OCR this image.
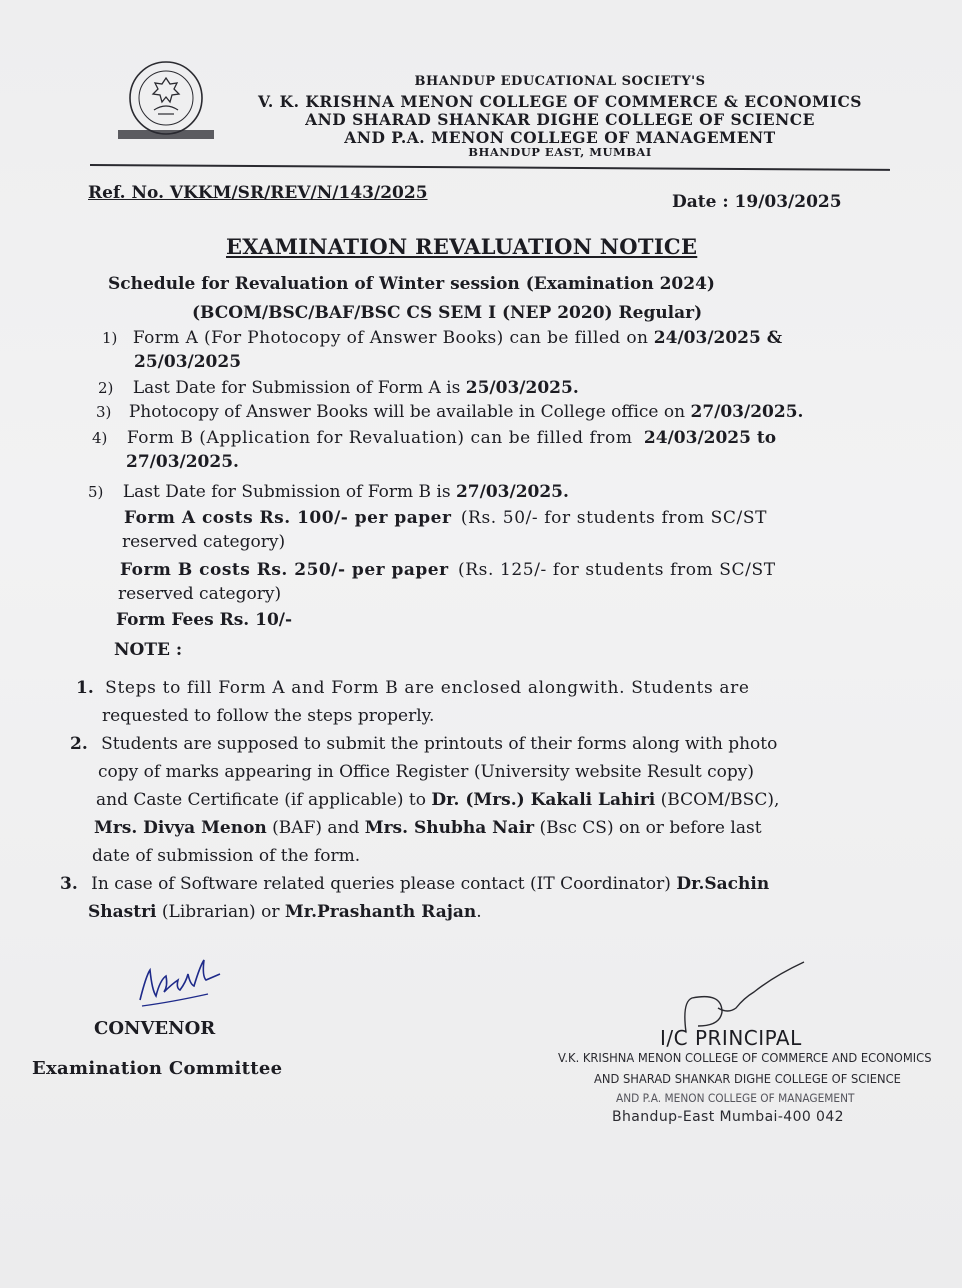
BHANDUP EDUCATIONAL SOCIETY'S
V. K. KRISHNA MENON COLLEGE OF COMMERCE & ECONOMICS
AND SHARAD SHANKAR DIGHE COLLEGE OF SCIENCE
AND P.A. MENON COLLEGE OF MANAGEMENT
BHANDUP EAST, MUMBAI
Ref. No. VKKM/SR/REV/N/143/2025	Date : 19/03/2025
EXAMINATION REVALUATION NOTICE
Schedule for Revaluation of Winter session (Examination 2024)
(BCOM/BSC/BAF/BSC CS SEM I (NEP 2020) Regular)
1) Form A (For Photocopy of Answer Books) can be filled on 24/03/2025 &
25/03/2025
2) Last Date for Submission of Form A is 25/03/2025.
3) Photocopy of Answer Books will be available in College office on 27/03/2025.
4) Form B (Application for Revaluation) can be filled from 24/03/2025 to
27/03/2025.
5) Last Date for Submission of Form B is 27/03/2025.
Form A costs Rs. 100/- per paper (Rs. 50/- for students from SC/ST
reserved category)
Form B costs Rs. 250/- per paper (Rs. 125/- for students from SC/ST
reserved category)
Form Fees Rs. 10/-
NOTE :
1. Steps to fill Form A and Form B are enclosed alongwith. Students are
requested to follow the steps properly.
2. Students are supposed to submit the printouts of their forms along with photo
copy of marks appearing in Office Register (University website Result copy)
and Caste Certificate (if applicable) to Dr. (Mrs.) Kakali Lahiri (BCOM/BSC),
Mrs. Divya Menon (BAF) and Mrs. Shubha Nair (Bsc CS) on or before last
date of submission of the form.
3. In case of Software related queries please contact (IT Coordinator) Dr.Sachin
Shastri (Librarian) or Mr.Prashanth Rajan.
CONVENOR
Examination Committee
I/C PRINCIPAL
V.K. KRISHNA MENON COLLEGE OF COMMERCE AND ECONOMICS
AND SHARAD SHANKAR DIGHE COLLEGE OF SCIENCE
AND P.A. MENON COLLEGE OF MANAGEMENT
Bhandup-East Mumbai-400 042
